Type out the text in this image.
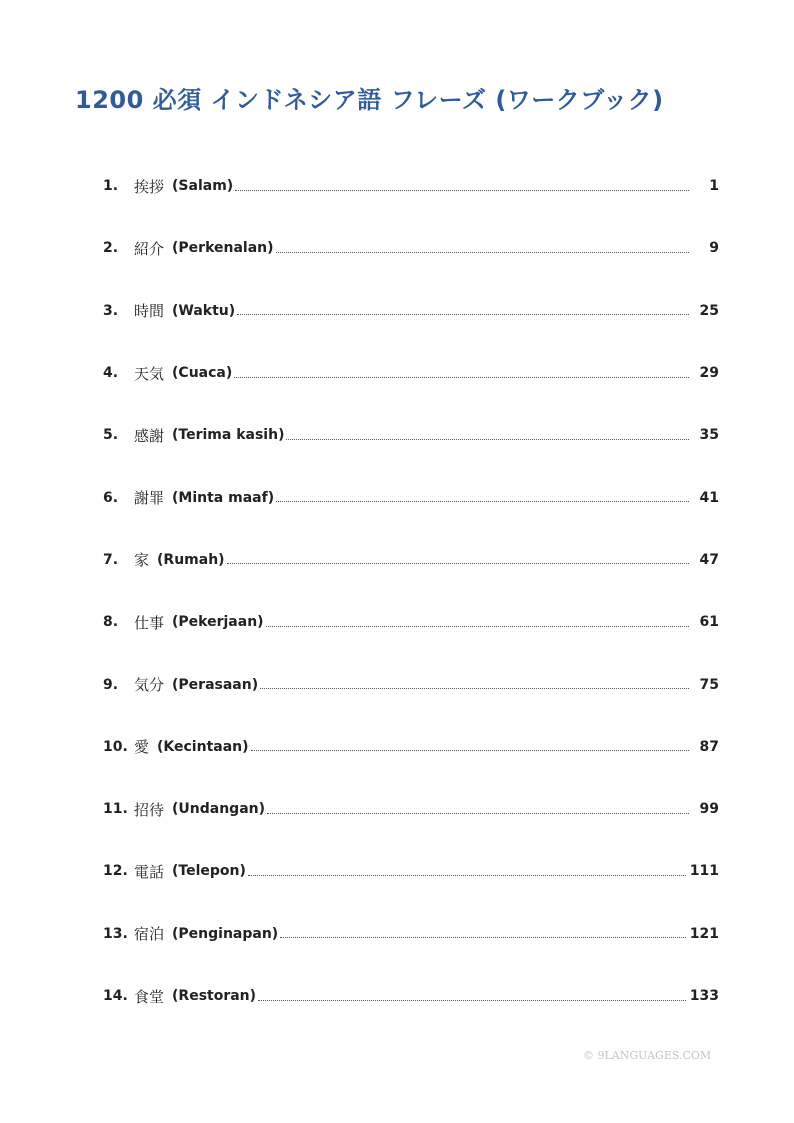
1200 必須 インドネシア語 フレーズ (ワークブック)
1.	挨拶 (Salam)	1
2.	紹介 (Perkenalan)	9
3.	時間 (Waktu)	25
4.	天気 (Cuaca)	29
5.	感謝 (Terima kasih)	35
6.	謝罪 (Minta maaf)	41
7.	家 (Rumah)	47
8.	仕事 (Pekerjaan)	61
9.	気分 (Perasaan)	75
10. 愛 (Kecintaan)	87
11. 招待 (Undangan)	99
12. 電話 (Telepon)	111
13. 宿泊 (Penginapan)	121
14. 食堂 (Restoran)	133
© 9LANGUAGES.COM
